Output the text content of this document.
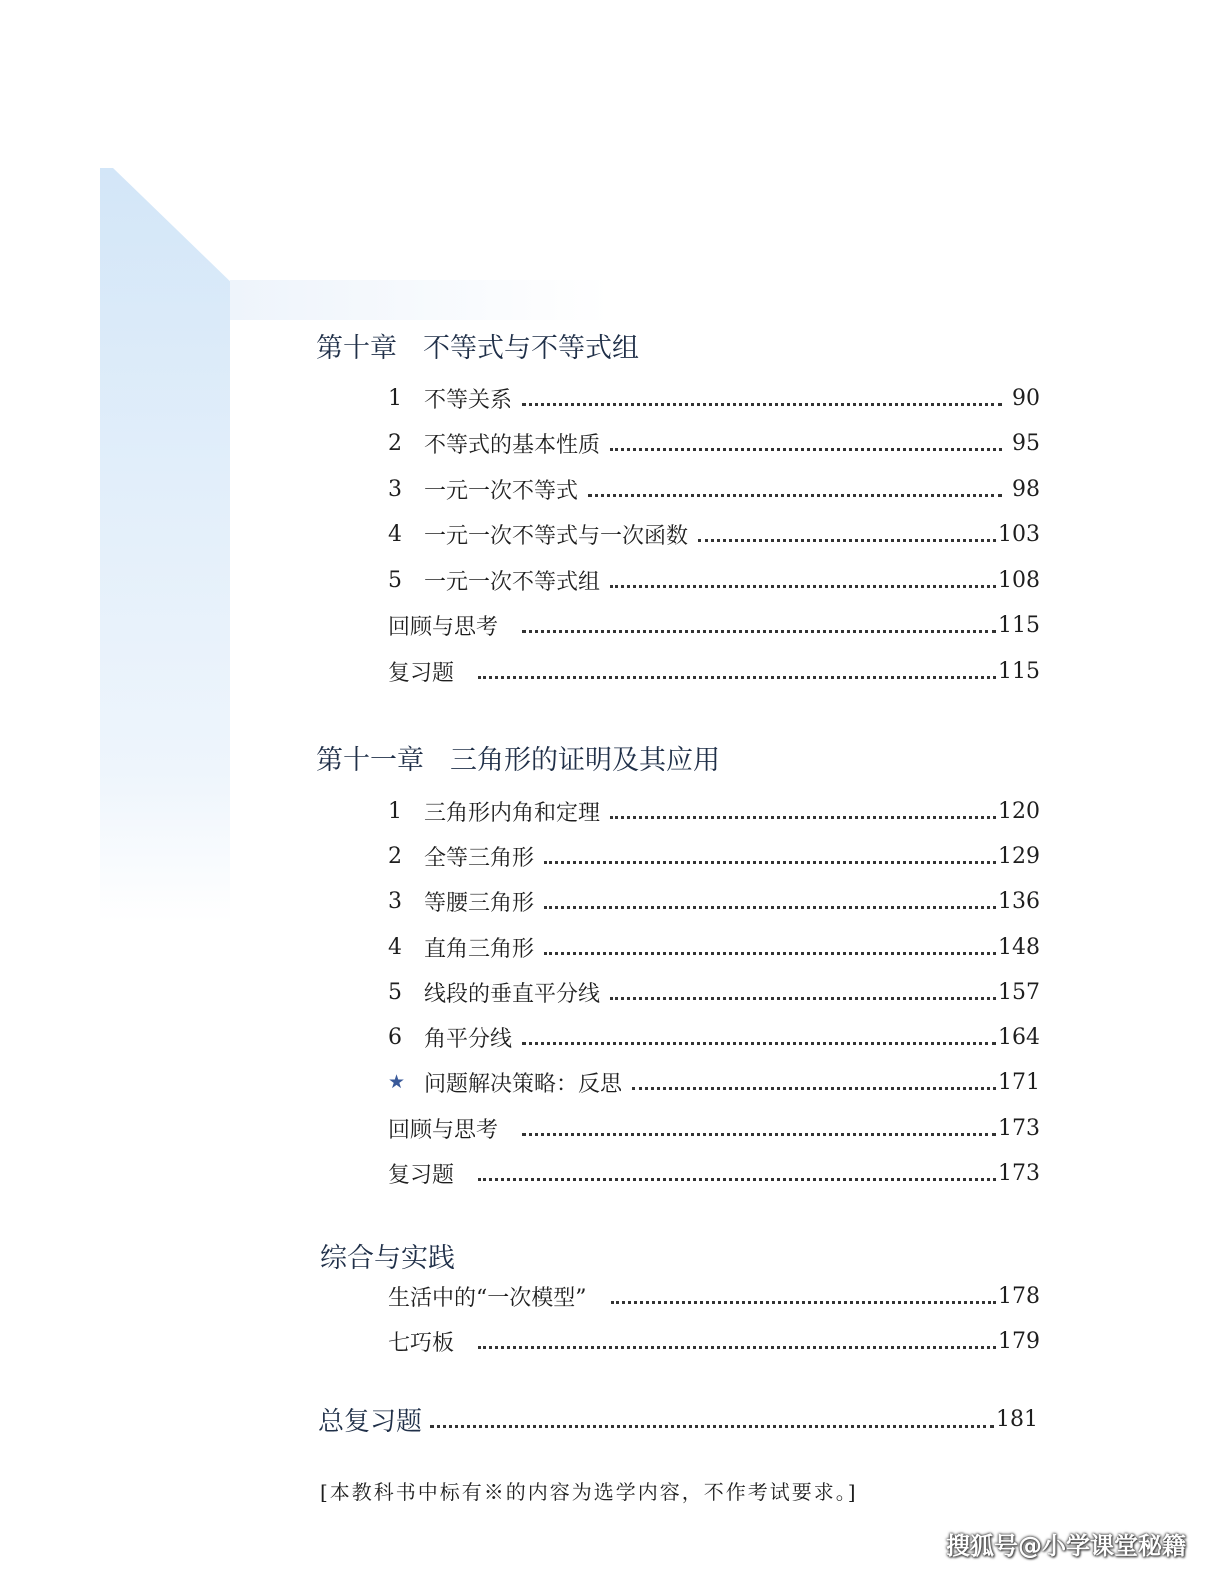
第十章 不等式与不等式组
1	不等关系	90
2	不等式的基本性质	95
3	一元一次不等式	98
4	一元一次不等式与一次函数	103
5	一元一次不等式组	108
回顾与思考	115
复习题	115
第十一章 三角形的证明及其应用
1	三角形内角和定理	120
2	全等三角形	129
3	等腰三角形	136
4	直角三角形	148
5	线段的垂直平分线	157
6	角平分线	164
★ 问题解决策略：反思	171
回顾与思考	173
复习题	173
综合与实践
生活中的“一次模型”	178
七巧板	179
总复习题	181
[本教科书中标有※的内容为选学内容，不作考试要求。]
搜狐号@小学课堂秘籍
